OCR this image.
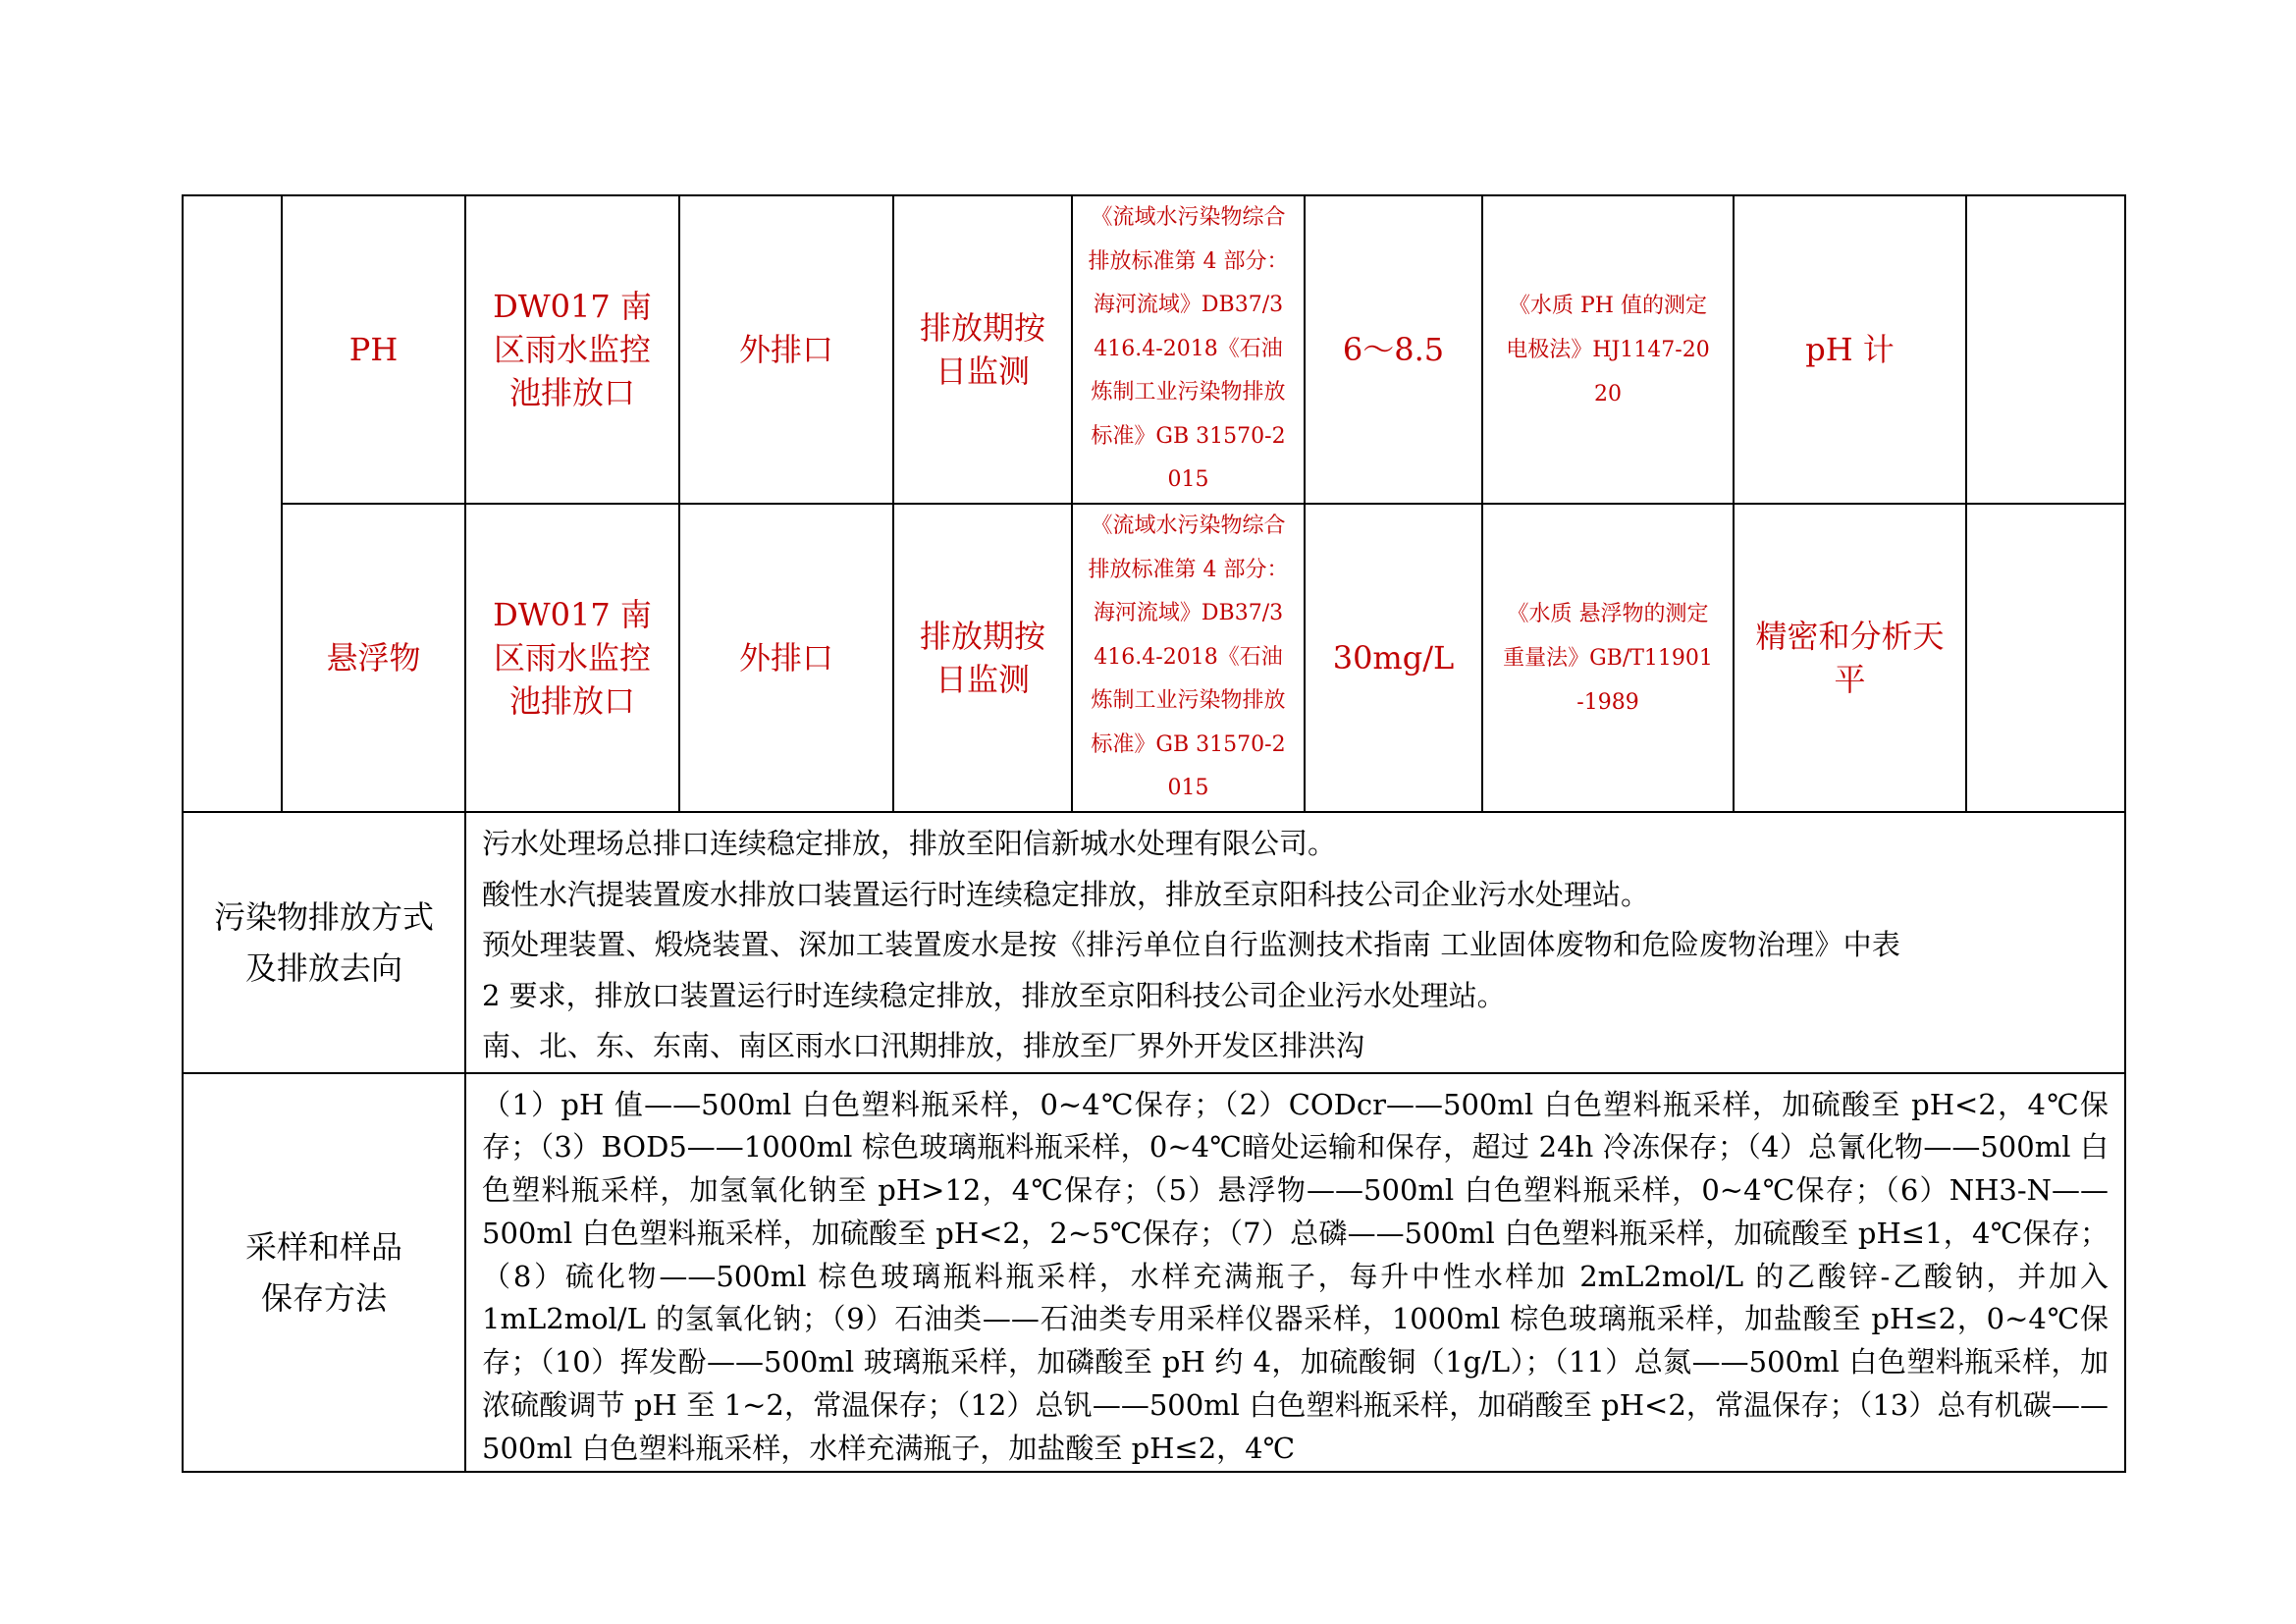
	PH	DW017 南区雨水监控池排放口	外排口	排放期按日监测	《流域水污染物综合排放标准第 4 部分：海河流域》DB37/3416.4-2018《石油炼制工业污染物排放标准》GB 31570-2015	6～8.5	《水质 PH 值的测定电极法》HJ1147-2020	pH 计	
	悬浮物	DW017 南区雨水监控池排放口	外排口	排放期按日监测	《流域水污染物综合排放标准第 4 部分：海河流域》DB37/3416.4-2018《石油炼制工业污染物排放标准》GB 31570-2015	30mg/L	《水质 悬浮物的测定 重量法》GB/T11901-1989	精密和分析天平	

污染物排放方式及排放去向		污水处理场总排口连续稳定排放，排放至阳信新城水处理有限公司。

酸性水汽提装置废水排放口装置运行时连续稳定排放，排放至京阳科技公司企业污水处理站。

预处理装置、煅烧装置、深加工装置废水是按《排污单位自行监测技术指南 工业固体废物和危险废物治理》中表

2 要求，排放口装置运行时连续稳定排放，排放至京阳科技公司企业污水处理站。

南、北、东、东南、南区雨水口汛期排放，排放至厂界外开发区排洪沟							

采样和样品保存方法		（1）pH 值——500ml 白色塑料瓶采样，0~4℃保存；（2）CODcr——500ml 白色塑料瓶采样，加硫酸至 pH<2，4℃保存；（3）BOD5——1000ml 棕色玻璃瓶料瓶采样，0~4℃暗处运输和保存，超过 24h 冷冻保存；（4）总氰化物——500ml 白色塑料瓶采样，加氢氧化钠至 pH>12，4℃保存；（5）悬浮物——500ml 白色塑料瓶采样，0~4℃保存；（6）NH3-N——500ml 白色塑料瓶采样，加硫酸至 pH<2，2~5℃保存；（7）总磷——500ml 白色塑料瓶采样，加硫酸至 pH≤1，4℃保存；（8）硫化物——500ml 棕色玻璃瓶料瓶采样，水样充满瓶子，每升中性水样加 2mL2mol/L 的乙酸锌-乙酸钠，并加入 1mL2mol/L 的氢氧化钠；（9）石油类——石油类专用采样仪器采样，1000ml 棕色玻璃瓶采样，加盐酸至 pH≤2，0~4℃保存；（10）挥发酚——500ml 玻璃瓶采样，加磷酸至 pH 约 4，加硫酸铜（1g/L）；（11）总氮——500ml 白色塑料瓶采样，加浓硫酸调节 pH 至 1~2，常温保存；（12）总钒——500ml 白色塑料瓶采样，加硝酸至 pH<2，常温保存；（13）总有机碳——500ml 白色塑料瓶采样，水样充满瓶子，加盐酸至 pH≤2，4℃							
